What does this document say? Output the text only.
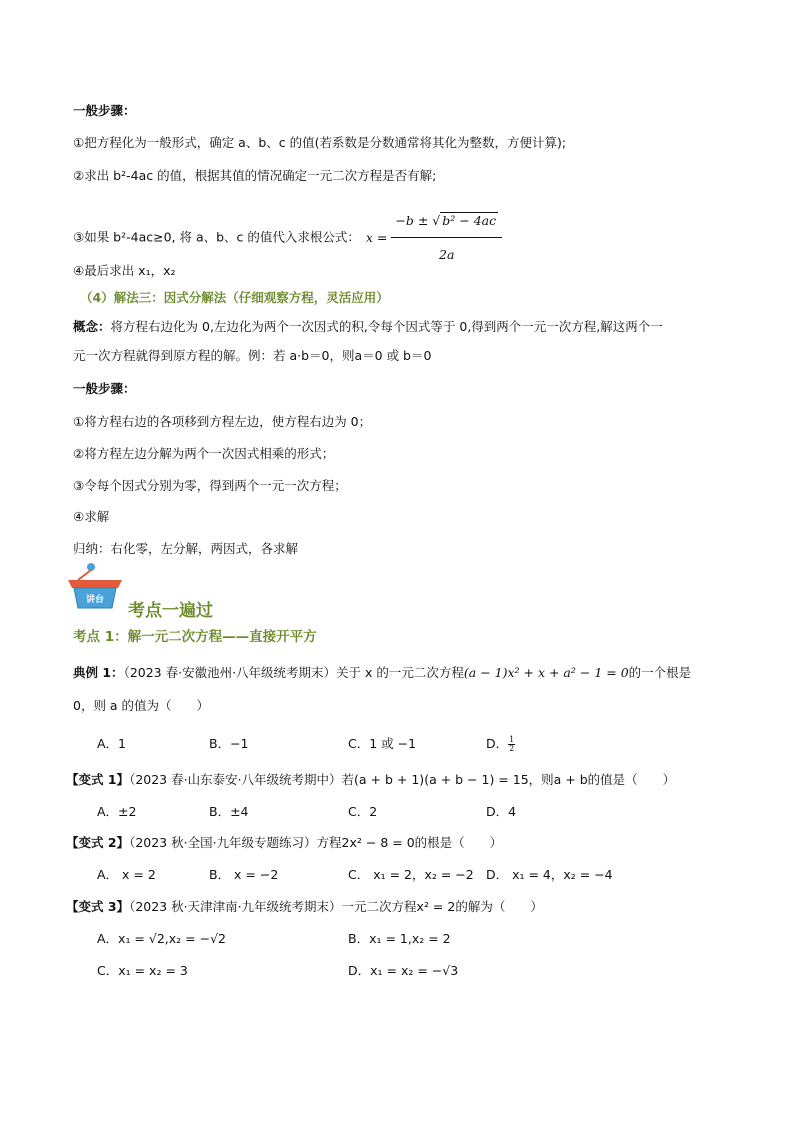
一般步骤：
①把方程化为一般形式，确定 a、b、c 的值(若系数是分数通常将其化为整数，方便计算);
②求出 b²-4ac 的值，根据其值的情况确定一元二次方程是否有解;
③如果 b²-4ac≥0, 将 a、b、c 的值代入求根公式： $x = \frac{\text{−b ± √ b² − 4ac}}{2a}$
④最后求出 x₁，x₂
（4）解法三：因式分解法（仔细观察方程，灵活应用）
概念：将方程右边化为 0,左边化为两个一次因式的积,令每个因式等于 0,得到两个一元一次方程,解这两个一
元一次方程就得到原方程的解。例：若 a·b＝0，则a＝0 或 b＝0
一般步骤：
①将方程右边的各项移到方程左边，使方程右边为 0；
②将方程左边分解为两个一次因式相乘的形式；
③令每个因式分别为零，得到两个一元一次方程；
④求解
归纳：右化零，左分解，两因式，各求解
讲台
考点一遍过
考点 1：解一元二次方程——直接开平方
典例 1：（2023 春·安徽池州·八年级统考期末）关于 x 的一元二次方程(a − 1)x² + x + a² − 1 = 0的一个根是
0，则 a 的值为（　　）
A．1	B．−1	C．1 或 −1	D． $\frac{1}{2}$
【变式 1】（2023 春·山东泰安·八年级统考期中）若(a + b + 1)(a + b − 1) = 15，则a + b的值是（　　）
A．±2	B．±4	C．2	D．4
【变式 2】（2023 秋·全国·九年级专题练习）方程2x² − 8 = 0的根是（　　）
A． x = 2	B． x = −2	C． x₁ = 2，x₂ = −2 D． x₁ = 4，x₂ = −4
【变式 3】（2023 秋·天津津南·九年级统考期末）一元二次方程x² = 2的解为（　　）
A．x₁ = √2,x₂ = −√2	B．x₁ = 1,x₂ = 2
C．x₁ = x₂ = 3	D．x₁ = x₂ = −√3
